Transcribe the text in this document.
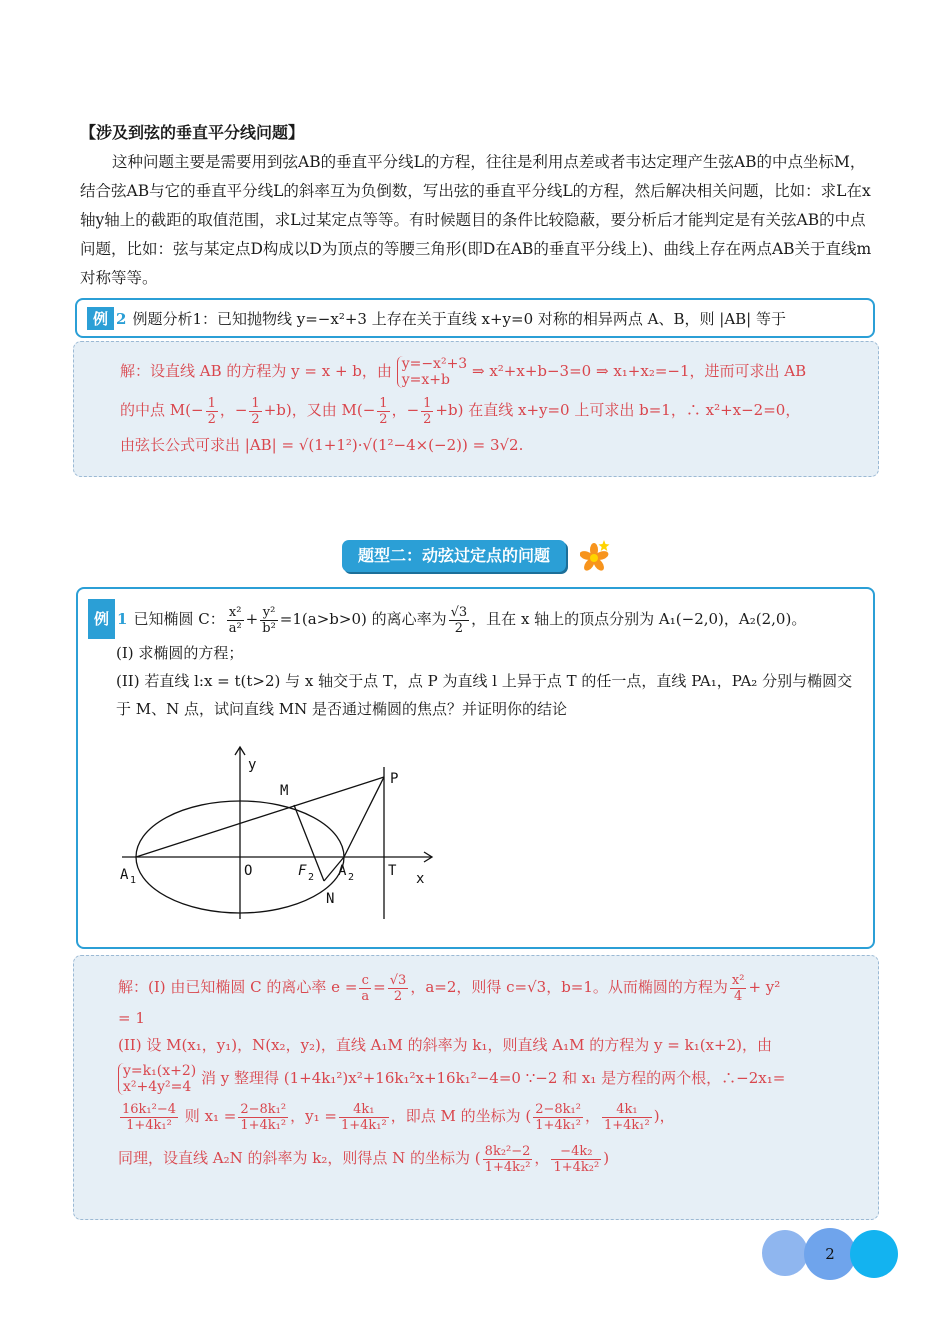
【涉及到弦的垂直平分线问题】

这种问题主要是需要用到弦AB的垂直平分线L的方程，往往是利用点差或者韦达定理产生弦AB的中点坐标M，结合弦AB与它的垂直平分线L的斜率互为负倒数，写出弦的垂直平分线L的方程，然后解决相关问题，比如：求L在x轴y轴上的截距的取值范围，求L过某定点等等。有时候题目的条件比较隐蔽，要分析后才能判定是有关弦AB的中点问题，比如：弦与某定点D构成以D为顶点的等腰三角形(即D在AB的垂直平分线上)、曲线上存在两点AB关于直线m对称等等。

例 2 例题分析1：已知抛物线 y=−x²+3 上存在关于直线 x+y=0 对称的相异两点 A、B，则 |AB| 等于
解：设直线 AB 的方程为 y = x + b，由 y=−x²+3
y=x+b	⇒ x²+x+b−3=0 ⇒ x₁+x₂=−1，进而可求出 AB
的中点 $M(- \frac{1}{2}$ ，− $\frac{1}{2} +b$)，又由 $M(- \frac{1}{2}$ ，− $\frac{1}{2} +b$) 在直线 x+y=0 上可求出 b=1，∴ x²+x−2=0，
由弦长公式可求出 |AB| = √(1+1²)·√(1²−4×(−2)) = 3√2.
题型二：动弦过定点的问题
例 1 已知椭圆 C： $\frac{\text{x²}}{\text{a²}} + \frac{\text{y²}}{\text{b²}} =1(a>b>0)$ 的离心率为 $\frac{√3}{2}$ ，且在 x 轴上的顶点分别为 A₁(−2,0)，A₂(2,0)。
(I) 求椭圆的方程；
(II) 若直线 l:x = t(t>2) 与 x 轴交于点 T，点 P 为直线 l 上异于点 T 的任一点，直线 PA₁，PA₂ 分别与椭圆交于 M、N 点，试问直线 MN 是否通过椭圆的焦点？并证明你的结论
y
x
M
P
A 1
O	F 2 A 2 T
N
解：(I) 由已知椭圆 C 的离心率 $e = \frac{c}{a} = \frac{√3}{2}$ ，a=2，则得 c=√3，b=1。从而椭圆的方程为 $\frac{\text{x²}}{4} + y^2$
= 1
(II) 设 M(x₁，y₁)，N(x₂，y₂)，直线 A₁M 的斜率为 k₁，则直线 A₁M 的方程为 y = k₁(x+2)，由
y=k₁(x+2)
x²+4y²=4 消 y 整理得 (1+4k₁²)x²+16k₁²x+16k₁²−4=0 ∵−2 和 x₁ 是方程的两个根，∴−2x₁=
$\frac{\text{16k₁²−4}}{\text{1+4k₁²}}$ 则 $x_1 = \frac{\text{2−8k₁²}}{\text{1+4k₁²}}$ ，$y_1 = \frac{\text{4k₁}}{\text{1+4k₁²}}$ ，即点 M 的坐标为 ( $\frac{\text{2−8k₁²}}{\text{1+4k₁²}}$ ， $\frac{\text{4k₁}}{\text{1+4k₁²}}$ )，
同理，设直线 A₂N 的斜率为 k₂，则得点 N 的坐标为 ( $\frac{\text{8k₂²−2}}{\text{1+4k₂²}}$ ， $\frac{\text{−4k₂}}{\text{1+4k₂²}}$ )
2
